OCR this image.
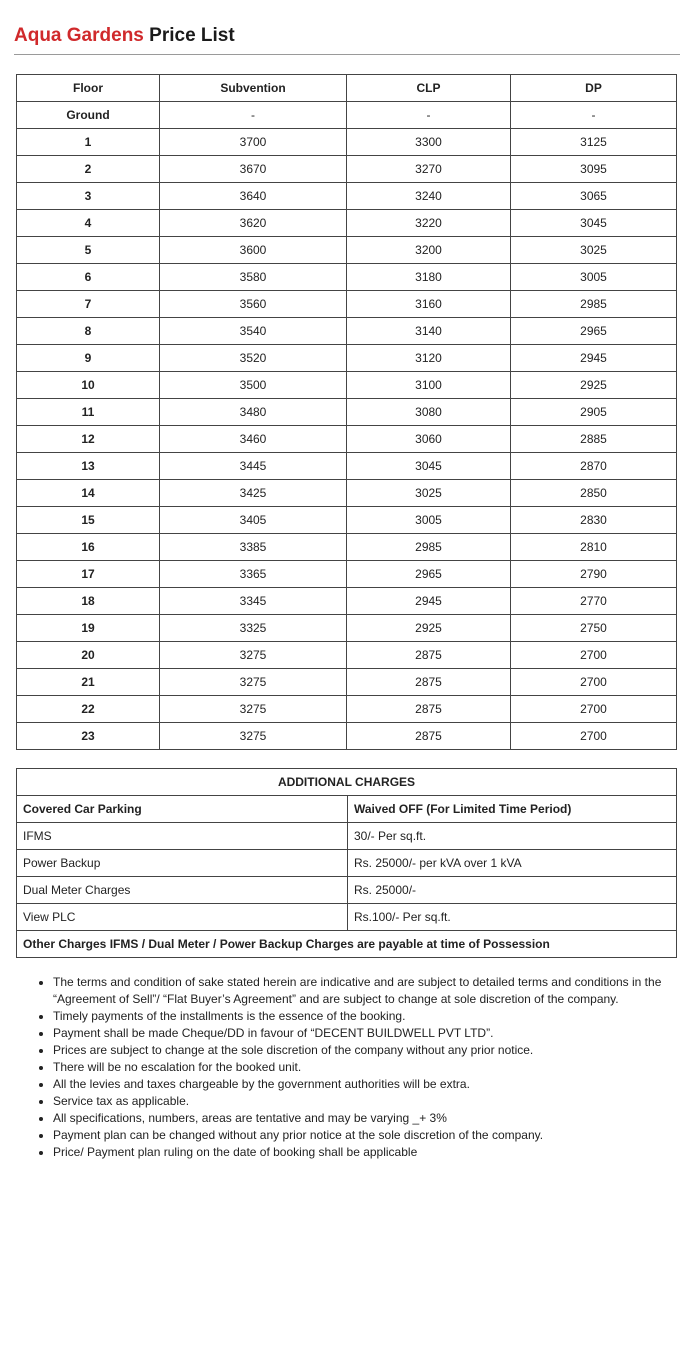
Aqua Gardens Price List
Floor	Subvention	CLP	DP
Ground	-	-	-
1	3700	3300	3125
2	3670	3270	3095
3	3640	3240	3065
4	3620	3220	3045
5	3600	3200	3025
6	3580	3180	3005
7	3560	3160	2985
8	3540	3140	2965
9	3520	3120	2945
10	3500	3100	2925
11	3480	3080	2905
12	3460	3060	2885
13	3445	3045	2870
14	3425	3025	2850
15	3405	3005	2830
16	3385	2985	2810
17	3365	2965	2790
18	3345	2945	2770
19	3325	2925	2750
20	3275	2875	2700
21	3275	2875	2700
22	3275	2875	2700
23	3275	2875	2700
ADDITIONAL CHARGES	
Covered Car Parking	Waived OFF (For Limited Time Period)
IFMS	30/- Per sq.ft.
Power Backup	Rs. 25000/- per kVA over 1 kVA
Dual Meter Charges	Rs. 25000/-
View PLC	Rs.100/- Per sq.ft.
Other Charges IFMS / Dual Meter / Power Backup Charges are payable at time of Possession	
• The terms and condition of sake stated herein are indicative and are subject to detailed terms and conditions in the “Agreement of Sell”/ “Flat Buyer’s Agreement” and are subject to change at sole discretion of the company.
• Timely payments of the installments is the essence of the booking.
• Payment shall be made Cheque/DD in favour of “DECENT BUILDWELL PVT LTD”.
• Prices are subject to change at the sole discretion of the company without any prior notice.
• There will be no escalation for the booked unit.
• All the levies and taxes chargeable by the government authorities will be extra.
• Service tax as applicable.
• All specifications, numbers, areas are tentative and may be varying _+ 3%
• Payment plan can be changed without any prior notice at the sole discretion of the company.
• Price/ Payment plan ruling on the date of booking shall be applicable
